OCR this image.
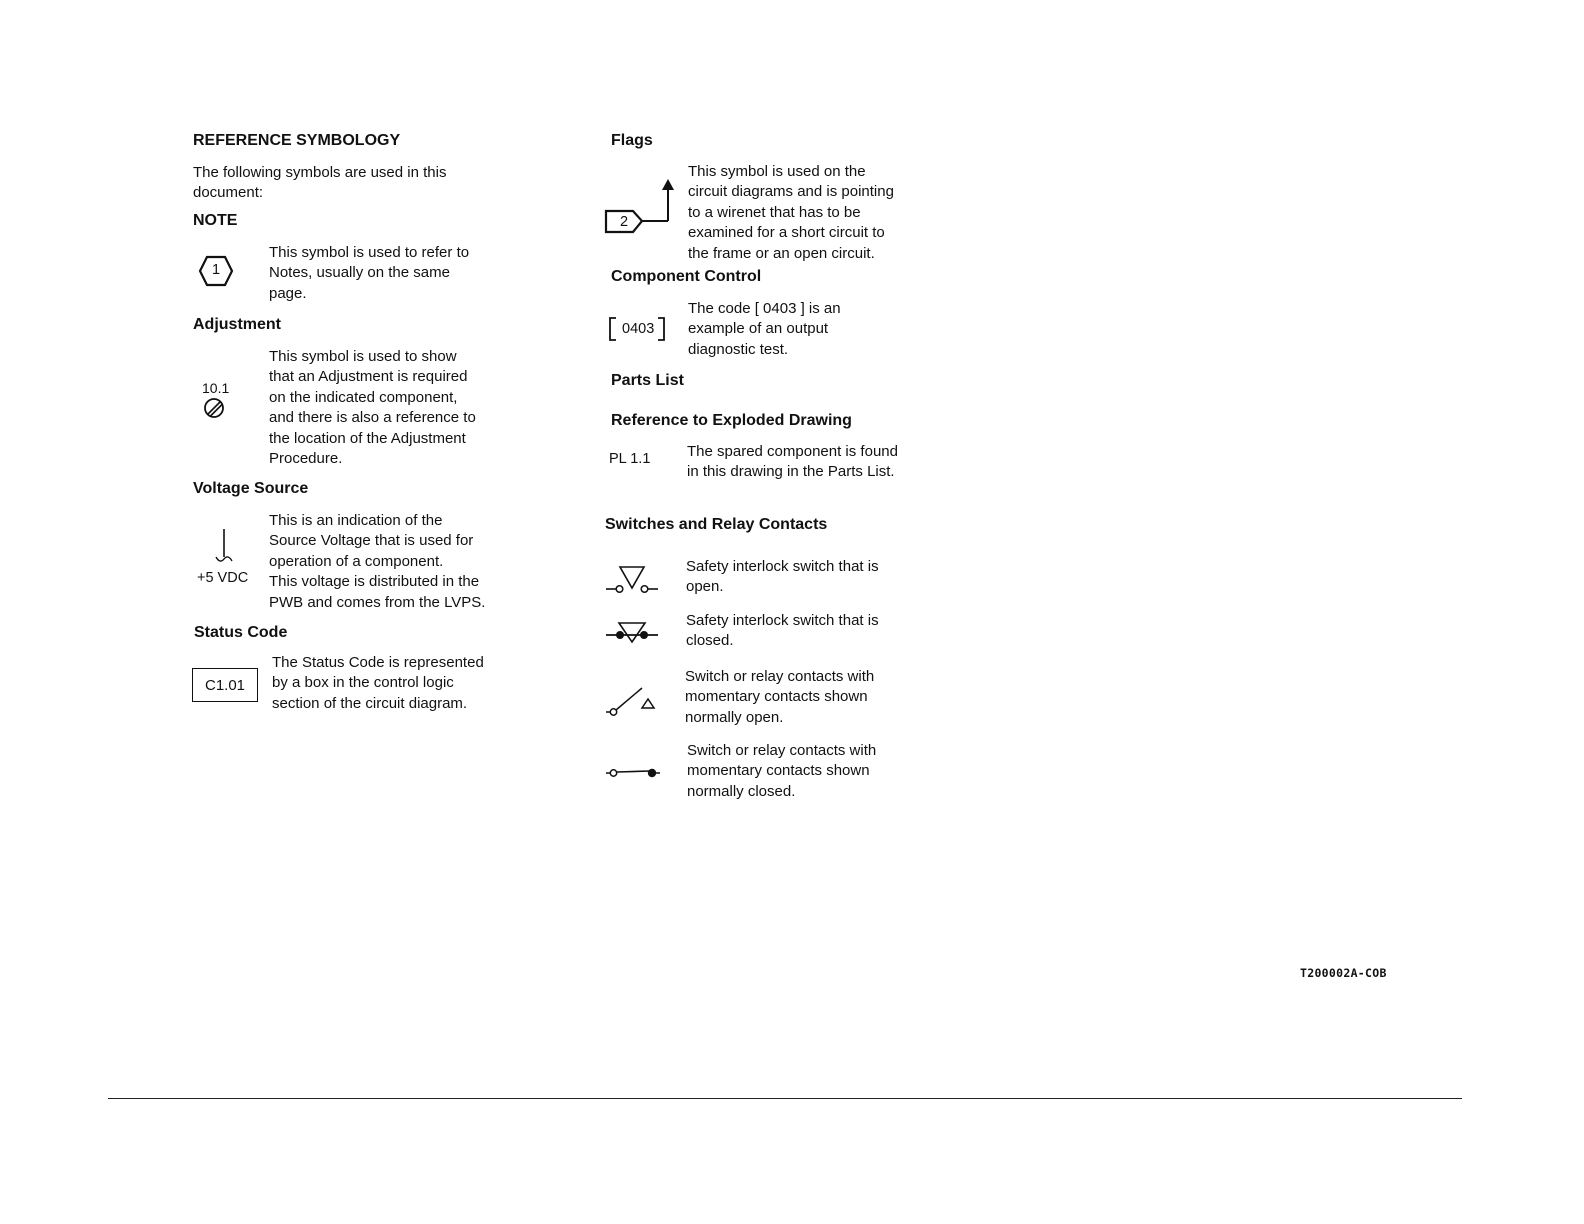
REFERENCE SYMBOLOGY
The following symbols are used in this
document:
NOTE
1
This symbol is used to refer to
Notes, usually on the same
page.
Adjustment
10.1
This symbol is used to show
that an Adjustment is required
on the indicated component,
and there is also a reference to
the location of the Adjustment
Procedure.
Voltage Source
+5 VDC
This is an indication of the
Source Voltage that is used for
operation of a component.
This voltage is distributed in the
PWB and comes from the LVPS.
Status Code
C1.01
The Status Code is represented
by a box in the control logic
section of the circuit diagram.
Flags
2
This symbol is used on the
circuit diagrams and is pointing
to a wirenet that has to be
examined for a short circuit to
the frame or an open circuit.
Component Control
0403
The code [ 0403 ] is an
example of an output
diagnostic test.
Parts List
Reference to Exploded Drawing
PL 1.1 The spared component is found
in this drawing in the Parts List.
Switches and Relay Contacts
Safety interlock switch that is
open.
Safety interlock switch that is
closed.
Switch or relay contacts with
momentary contacts shown
normally open.
Switch or relay contacts with
momentary contacts shown
normally closed.
T200002A-COB
